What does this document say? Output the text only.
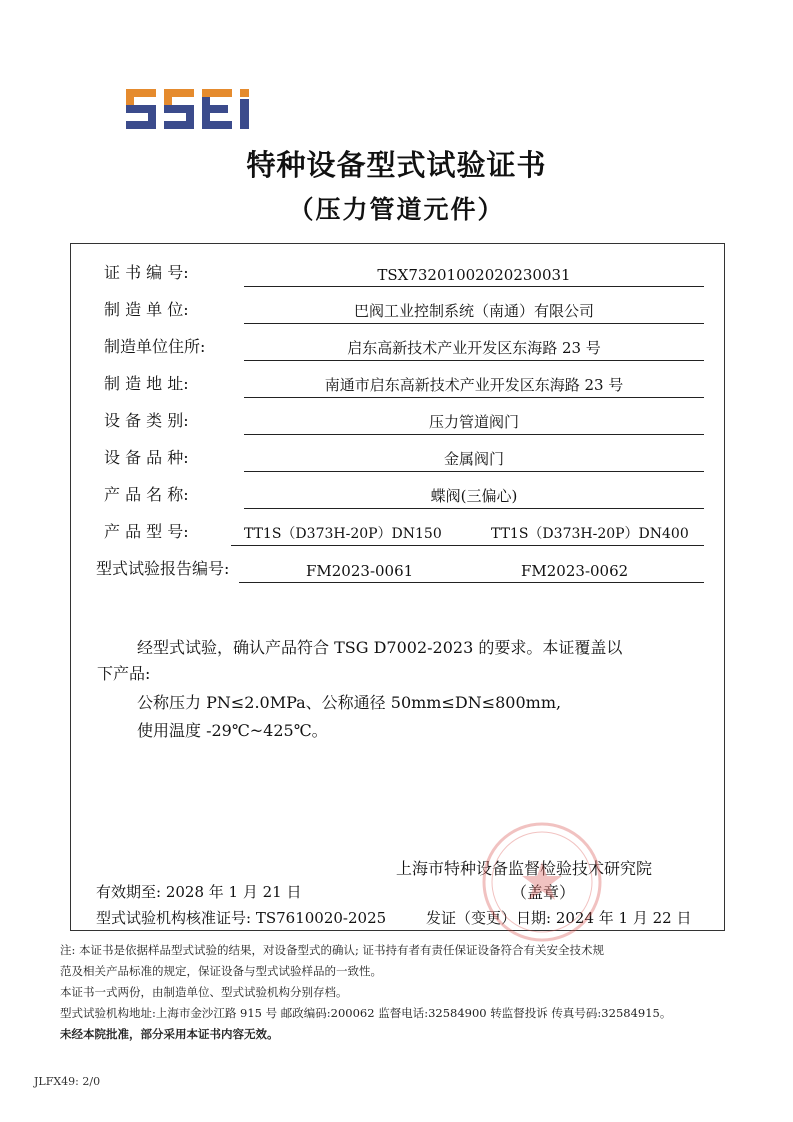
特种设备型式试验证书
（压力管道元件）
证 书 编 号:	TSX73201002020230031
制 造 单 位:	巴阀工业控制系统（南通）有限公司
制造单位住所:	启东高新技术产业开发区东海路 23 号
制 造 地 址:	南通市启东高新技术产业开发区东海路 23 号
设 备 类 别:	压力管道阀门
设 备 品 种:	金属阀门
产 品 名 称:	蝶阀(三偏心)
产 品 型 号:	TT1S（D373H-20P）DN150	TT1S（D373H-20P）DN400
型式试验报告编号:	FM2023-0061	FM2023-0062
经型式试验，确认产品符合 TSG D7002-2023 的要求。本证覆盖以
下产品:
公称压力 PN≤2.0MPa、公称通径 50mm≤DN≤800mm,
使用温度 -29℃~425℃。
上海市特种设备监督检验技术研究院
（盖章）
有效期至: 2028 年 1 月 21 日
型式试验机构核准证号: TS7610020-2025	发证（变更）日期: 2024 年 1 月 22 日
注: 本证书是依据样品型式试验的结果，对设备型式的确认; 证书持有者有责任保证设备符合有关安全技术规
范及相关产品标准的规定，保证设备与型式试验样品的一致性。
本证书一式两份，由制造单位、型式试验机构分别存档。
型式试验机构地址:上海市金沙江路 915 号 邮政编码:200062 监督电话:32584900 转监督投诉 传真号码:32584915。
未经本院批准，部分采用本证书内容无效。
JLFX49: 2/0
